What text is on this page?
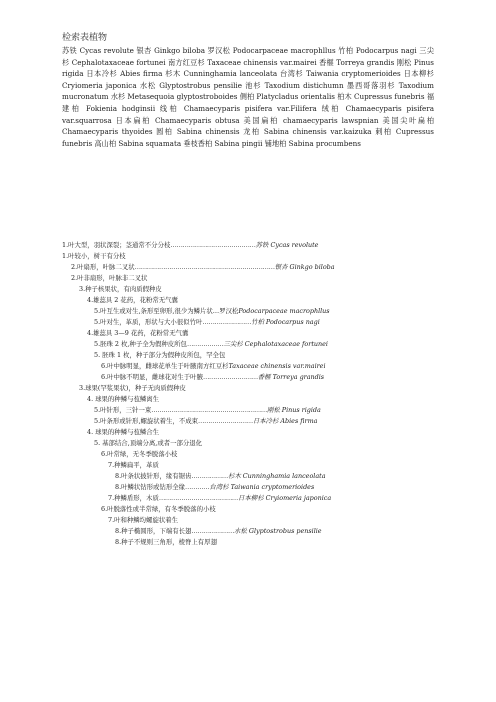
检索表植物
苏铁 Cycas revolute 银杏 Ginkgo biloba 罗汉松 Podocarpaceae macrophllus 竹柏 Podocarpus nagi 三尖杉 Cephalotaxaceae fortunei 南方红豆杉 Taxaceae chinensis var.mairei 香榧 Torreya grandis 刚松 Pinus rigida 日本冷杉 Abies firma 杉木 Cunninghamia lanceolata 台湾杉 Taiwania cryptomerioides 日本柳杉 Cryiomeria japonica 水松 Glyptostrobus pensilie 池杉 Taxodium distichumn 墨西哥落羽杉 Taxodium mucronatum 水杉 Metasequoia glyptostroboides 侧柏 Platycladus orientalis 柏木 Cupressus funebris 福建柏 Fokienia hodginsii 线柏 Chamaecyparis pisifera var.Filifera 绒柏 Chamaecyparis pisifera var.squarrosa 日本扁柏 Chamaecyparis obtusa 美国扁柏 chamaecyparis lawspnian 美国尖叶扁柏 Chamaecyparis thyoides 圆柏 Sabina chinensis 龙柏 Sabina chinensis var.kaizuka 刺柏 Cupressus funebris 高山柏 Sabina squamata 垂枝香柏 Sabina pingii 铺地柏 Sabina procumbens
1.叶大型，羽状深裂；茎通常不分分枝……………………………………苏铁 Cycas revolute
1.叶较小，树干有分枝
2.叶扇形，叶脉二叉状……………………………………………………………银杏 Ginkgo biloba
2.叶非扇形，叶脉非二叉状
3.种子核果状，有肉质假种皮
4.雄蕊具 2 花药，花粉常无气囊
5.叶互生或对生,条形至卵形,很少为鳞片状…罗汉松Podocarpaceae macrophllus
5.叶对生，革质，形状与大小很似竹叶……………………竹柏 Podocarpus nagi
4.雄蕊具 3—9 花药，花粉常无气囊
5.胚珠 2 枚,种子全为假种皮所包………………三尖杉 Cephalotaxaceae fortunei
5. 胚珠 1 枚，种子部分为假种皮所包，罕全包
6.叶中脉明显，雌球花单生于叶腋南方红豆杉Taxaceae chinensis var.mairei
6.叶中脉不明显，雌球花对生于叶腋………………………香榧 Torreya grandis
3.球果(罕浆果状)，种子无肉质假种皮
4. 球果的种鳞与苞鳞离生
5.叶针形，三针一束…………………………………………………刚松 Pinus rigida
5.叶条形或针形,螺旋状着生，不成束………………………日本冷杉 Abies firma
4. 球果的种鳞与苞鳞合生
5. 基部结合,顶端分离,或者一部分退化
6.叶常绿，无冬季脱落小枝
7.种鳞扁平，革质
8.叶条状披针形，缘有锯齿………………杉木 Cunninghamia lanceolata
8.叶鳞状钻形或钻形全缘…………台湾杉 Taiwania cryptomerioides
7.种鳞盾形，木质…………………………………日本柳杉 Cryiomeria japonica
6.叶脱落性或半常绿，有冬季脱落的小枝
7.叶和种鳞均螺旋状着生
8.种子椭圆形，下端有长翅…………………水松 Glyptostrobus pensilie
8.种子不规则三角形，棱脊上有厚翅
